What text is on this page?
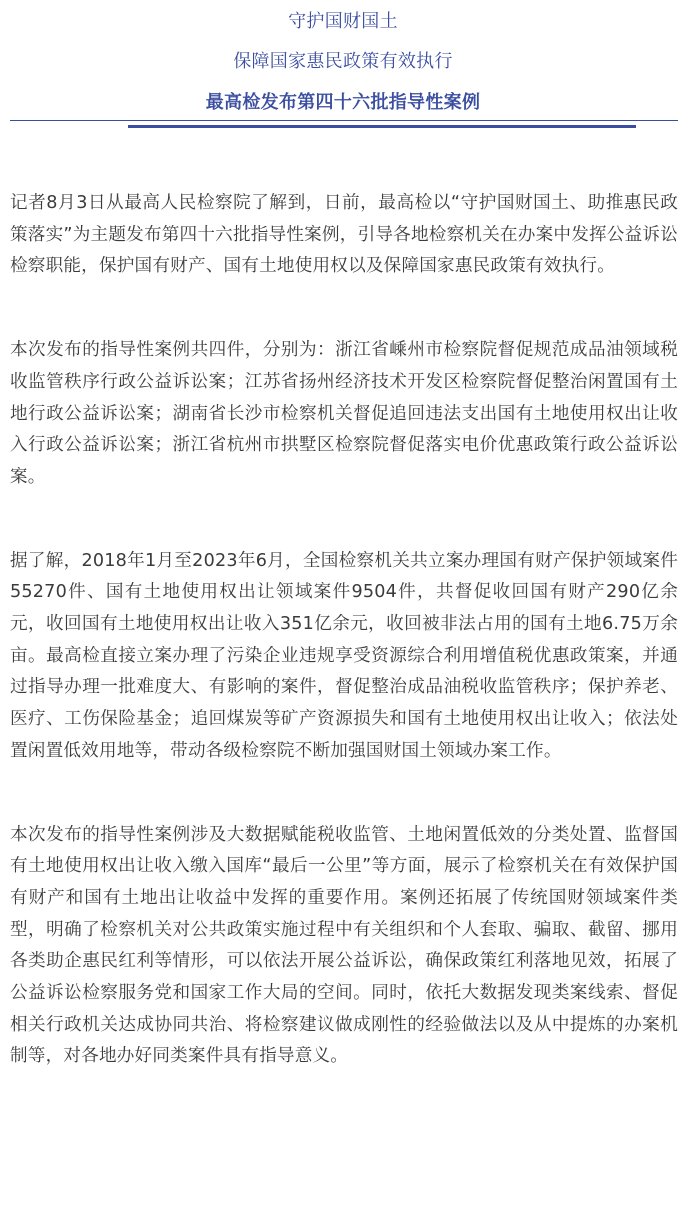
守护国财国土
保障国家惠民政策有效执行
最高检发布第四十六批指导性案例

记者8月3日从最高人民检察院了解到，日前，最高检以“守护国财国土、助推惠民政策落实”为主题发布第四十六批指导性案例，引导各地检察机关在办案中发挥公益诉讼检察职能，保护国有财产、国有土地使用权以及保障国家惠民政策有效执行。

本次发布的指导性案例共四件，分别为：浙江省嵊州市检察院督促规范成品油领域税收监管秩序行政公益诉讼案；江苏省扬州经济技术开发区检察院督促整治闲置国有土地行政公益诉讼案；湖南省长沙市检察机关督促追回违法支出国有土地使用权出让收入行政公益诉讼案；浙江省杭州市拱墅区检察院督促落实电价优惠政策行政公益诉讼案。

据了解，2018年1月至2023年6月，全国检察机关共立案办理国有财产保护领域案件55270件、国有土地使用权出让领域案件9504件，共督促收回国有财产290亿余元，收回国有土地使用权出让收入351亿余元，收回被非法占用的国有土地6.75万余亩。最高检直接立案办理了污染企业违规享受资源综合利用增值税优惠政策案，并通过指导办理一批难度大、有影响的案件，督促整治成品油税收监管秩序；保护养老、医疗、工伤保险基金；追回煤炭等矿产资源损失和国有土地使用权出让收入；依法处置闲置低效用地等，带动各级检察院不断加强国财国土领域办案工作。

本次发布的指导性案例涉及大数据赋能税收监管、土地闲置低效的分类处置、监督国有土地使用权出让收入缴入国库“最后一公里”等方面，展示了检察机关在有效保护国有财产和国有土地出让收益中发挥的重要作用。案例还拓展了传统国财领域案件类型，明确了检察机关对公共政策实施过程中有关组织和个人套取、骗取、截留、挪用各类助企惠民红利等情形，可以依法开展公益诉讼，确保政策红利落地见效，拓展了公益诉讼检察服务党和国家工作大局的空间。同时，依托大数据发现类案线索、督促相关行政机关达成协同共治、将检察建议做成刚性的经验做法以及从中提炼的办案机制等，对各地办好同类案件具有指导意义。
